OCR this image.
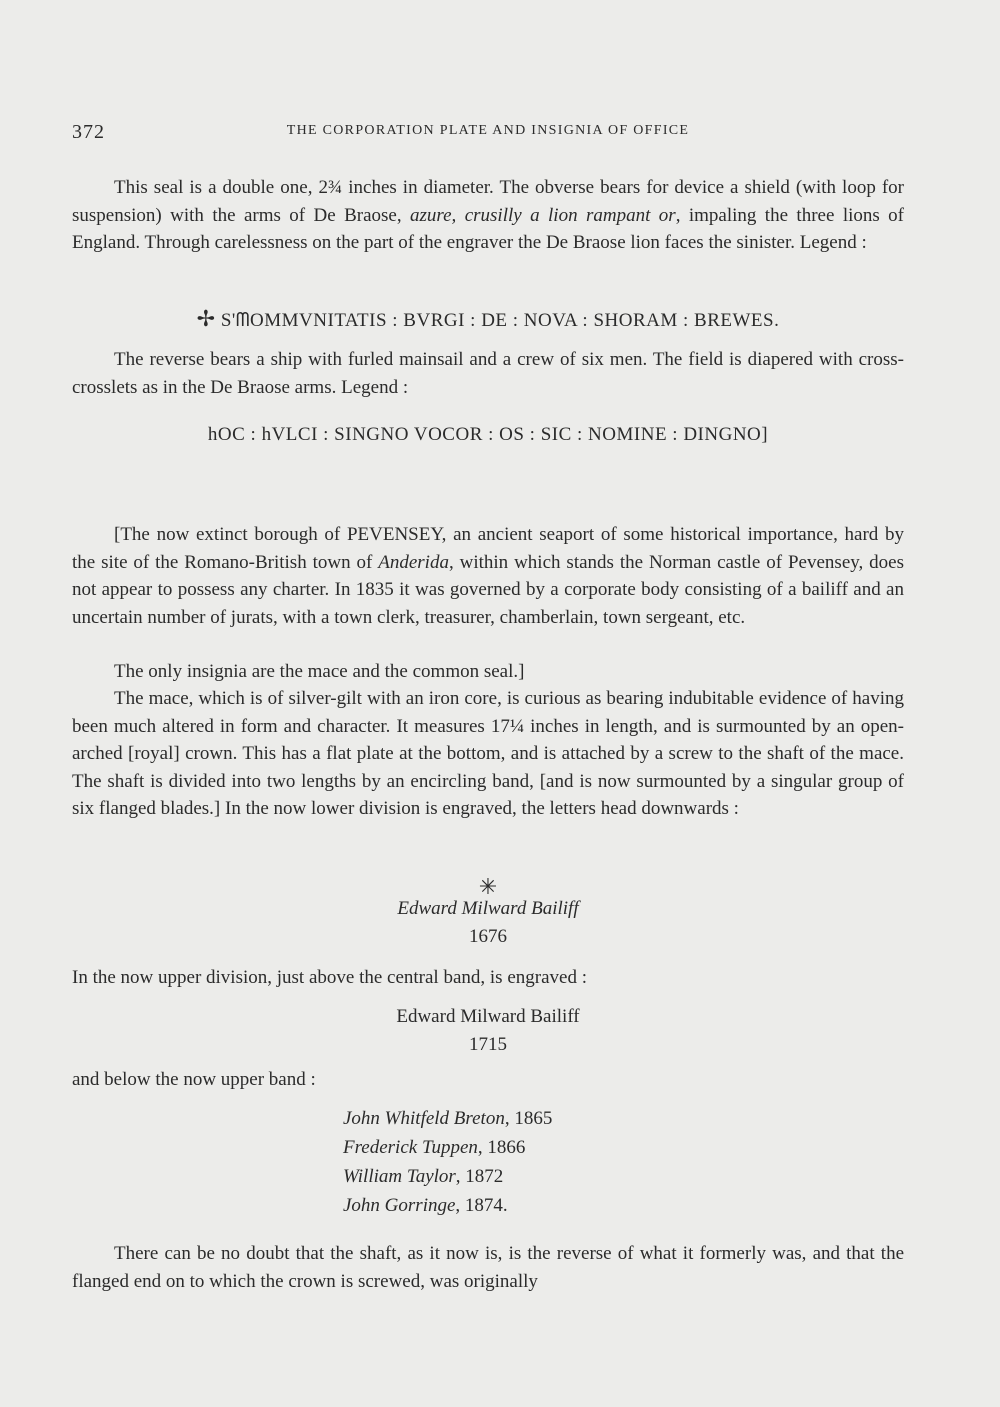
372	THE CORPORATION PLATE AND INSIGNIA OF OFFICE

This seal is a double one, 2¾ inches in diameter. The obverse bears for device a shield (with loop for suspension) with the arms of De Braose, azure, crusilly a lion rampant or, impaling the three lions of England. Through carelessness on the part of the engraver the De Braose lion faces the sinister. Legend :

✢ S'ᗰOMMVNITATIS : BVRGI : DE : NOVA : SHORAM : BREWES.

The reverse bears a ship with furled mainsail and a crew of six men. The field is diapered with cross-crosslets as in the De Braose arms. Legend :

hOC : hVLCI : SINGNO VOCOR : OS : SIC : NOMINE : DINGNO]

[The now extinct borough of PEVENSEY, an ancient seaport of some historical importance, hard by the site of the Romano-British town of Anderida, within which stands the Norman castle of Pevensey, does not appear to possess any charter. In 1835 it was governed by a corporate body consisting of a bailiff and an uncertain number of jurats, with a town clerk, treasurer, chamberlain, town sergeant, etc.

The only insignia are the mace and the common seal.]

The mace, which is of silver-gilt with an iron core, is curious as bearing indubitable evidence of having been much altered in form and character. It measures 17¼ inches in length, and is surmounted by an open-arched [royal] crown. This has a flat plate at the bottom, and is attached by a screw to the shaft of the mace. The shaft is divided into two lengths by an encircling band, [and is now surmounted by a singular group of six flanged blades.] In the now lower division is engraved, the letters head downwards :

✳

Edward Milward Bailiff

1676

In the now upper division, just above the central band, is engraved :

Edward Milward Bailiff

1715

and below the now upper band :

John Whitfeld Breton, 1865
Frederick Tuppen, 1866
William Taylor, 1872
John Gorringe, 1874.

There can be no doubt that the shaft, as it now is, is the reverse of what it formerly was, and that the flanged end on to which the crown is screwed, was originally
